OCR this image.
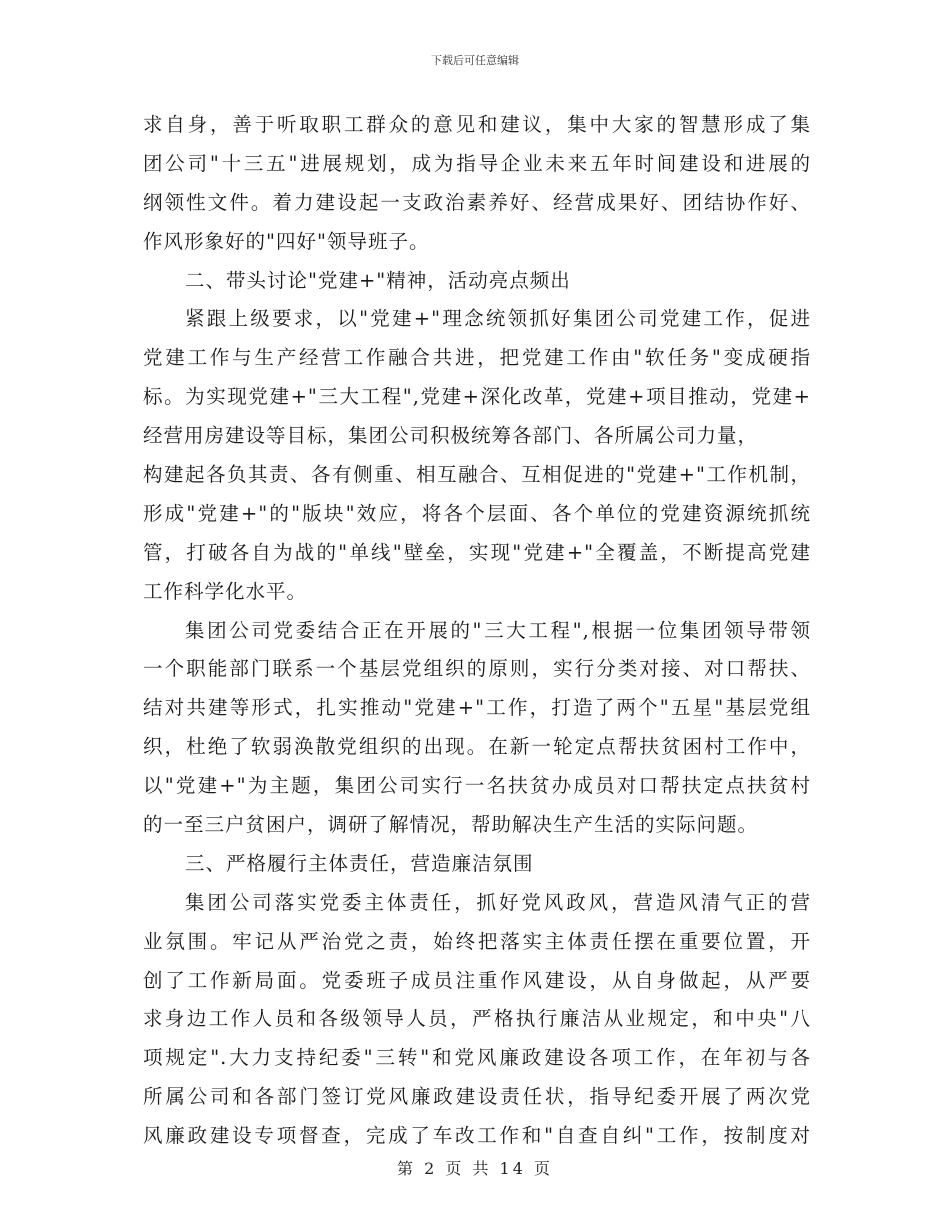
下载后可任意编辑
求自身，善于听取职工群众的意见和建议，集中大家的智慧形成了集
团公司"十三五"进展规划，成为指导企业未来五年时间建设和进展的
纲领性文件。着力建设起一支政治素养好、经营成果好、团结协作好、
作风形象好的"四好"领导班子。
二、带头讨论"党建+"精神，活动亮点频出
紧跟上级要求，以"党建+"理念统领抓好集团公司党建工作，促进
党建工作与生产经营工作融合共进，把党建工作由"软任务"变成硬指
标。为实现党建+"三大工程",党建+深化改革，党建+项目推动，党建+
经营用房建设等目标，集团公司积极统筹各部门、各所属公司力量，
构建起各负其责、各有侧重、相互融合、互相促进的"党建+"工作机制，
形成"党建+"的"版块"效应，将各个层面、各个单位的党建资源统抓统
管，打破各自为战的"单线"壁垒，实现"党建+"全覆盖，不断提高党建
工作科学化水平。
集团公司党委结合正在开展的"三大工程",根据一位集团领导带领
一个职能部门联系一个基层党组织的原则，实行分类对接、对口帮扶、
结对共建等形式，扎实推动"党建+"工作，打造了两个"五星"基层党组
织，杜绝了软弱涣散党组织的出现。在新一轮定点帮扶贫困村工作中，
以"党建+"为主题，集团公司实行一名扶贫办成员对口帮扶定点扶贫村
的一至三户贫困户，调研了解情况，帮助解决生产生活的实际问题。
三、严格履行主体责任，营造廉洁氛围
集团公司落实党委主体责任，抓好党风政风，营造风清气正的营
业氛围。牢记从严治党之责，始终把落实主体责任摆在重要位置，开
创了工作新局面。党委班子成员注重作风建设，从自身做起，从严要
求身边工作人员和各级领导人员，严格执行廉洁从业规定，和中央"八
项规定".大力支持纪委"三转"和党风廉政建设各项工作，在年初与各
所属公司和各部门签订党风廉政建设责任状，指导纪委开展了两次党
风廉政建设专项督查，完成了车改工作和"自查自纠"工作，按制度对
第 2 页 共 14 页
